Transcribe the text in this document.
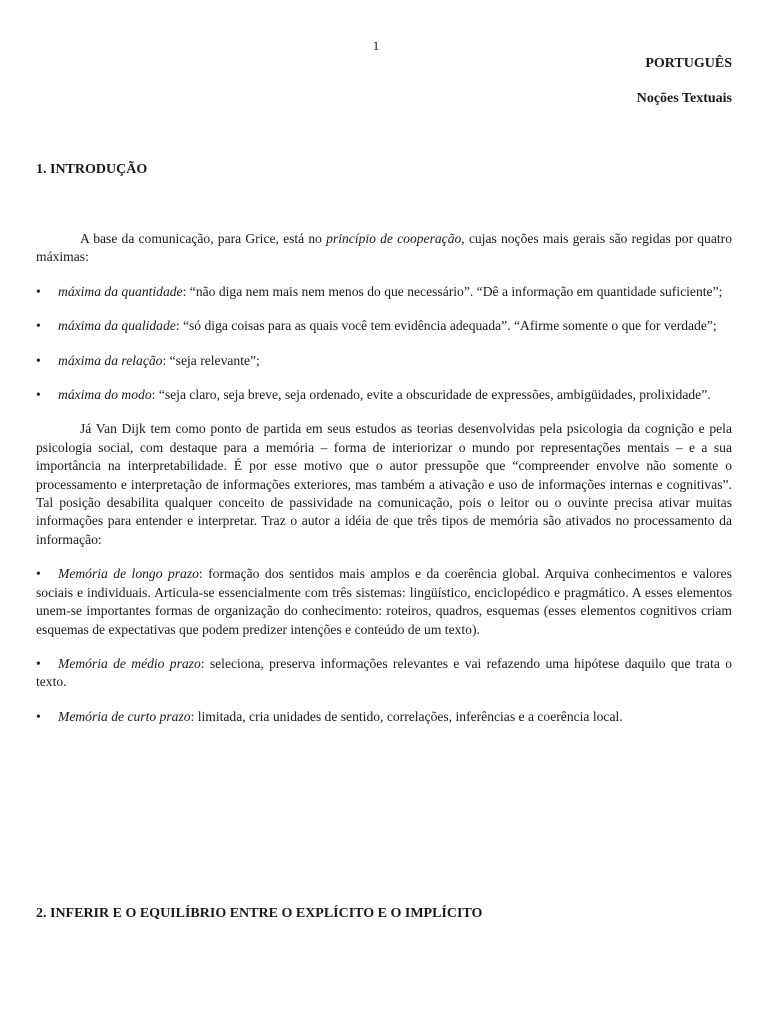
1
PORTUGUÊS
Noções Textuais
1. INTRODUÇÃO

A base da comunicação, para Grice, está no princípio de cooperação, cujas noções mais gerais são regidas por quatro máximas:

• máxima da quantidade: “não diga nem mais nem menos do que necessário”. “Dê a informação em quantidade suficiente”;

• máxima da qualidade: “só diga coisas para as quais você tem evidência adequada”. “Afirme somente o que for verdade”;

• máxima da relação: “seja relevante”;

• máxima do modo: “seja claro, seja breve, seja ordenado, evite a obscuridade de expressões, ambigüidades, prolixidade”.

Já Van Dijk tem como ponto de partida em seus estudos as teorias desenvolvidas pela psicologia da cognição e pela psicologia social, com destaque para a memória – forma de interiorizar o mundo por representações mentais – e a sua importância na interpretabilidade. É por esse motivo que o autor pressupõe que “compreender envolve não somente o processamento e interpretação de informações exteriores, mas também a ativação e uso de informações internas e cognitivas”. Tal posição desabilita qualquer conceito de passividade na comunicação, pois o leitor ou o ouvinte precisa ativar muitas informações para entender e interpretar. Traz o autor a idéia de que três tipos de memória são ativados no processamento da informação:

• Memória de longo prazo: formação dos sentidos mais amplos e da coerência global. Arquiva conhecimentos e valores sociais e individuais. Articula-se essencialmente com três sistemas: lingüístico, enciclopédico e pragmático. A esses elementos unem-se importantes formas de organização do conhecimento: roteiros, quadros, esquemas (esses elementos cognitivos criam esquemas de expectativas que podem predizer intenções e conteúdo de um texto).

• Memória de médio prazo: seleciona, preserva informações relevantes e vai refazendo uma hipótese daquilo que trata o texto.

• Memória de curto prazo: limitada, cria unidades de sentido, correlações, inferências e a coerência local.

2. INFERIR E O EQUILÍBRIO ENTRE O EXPLÍCITO E O IMPLÍCITO
